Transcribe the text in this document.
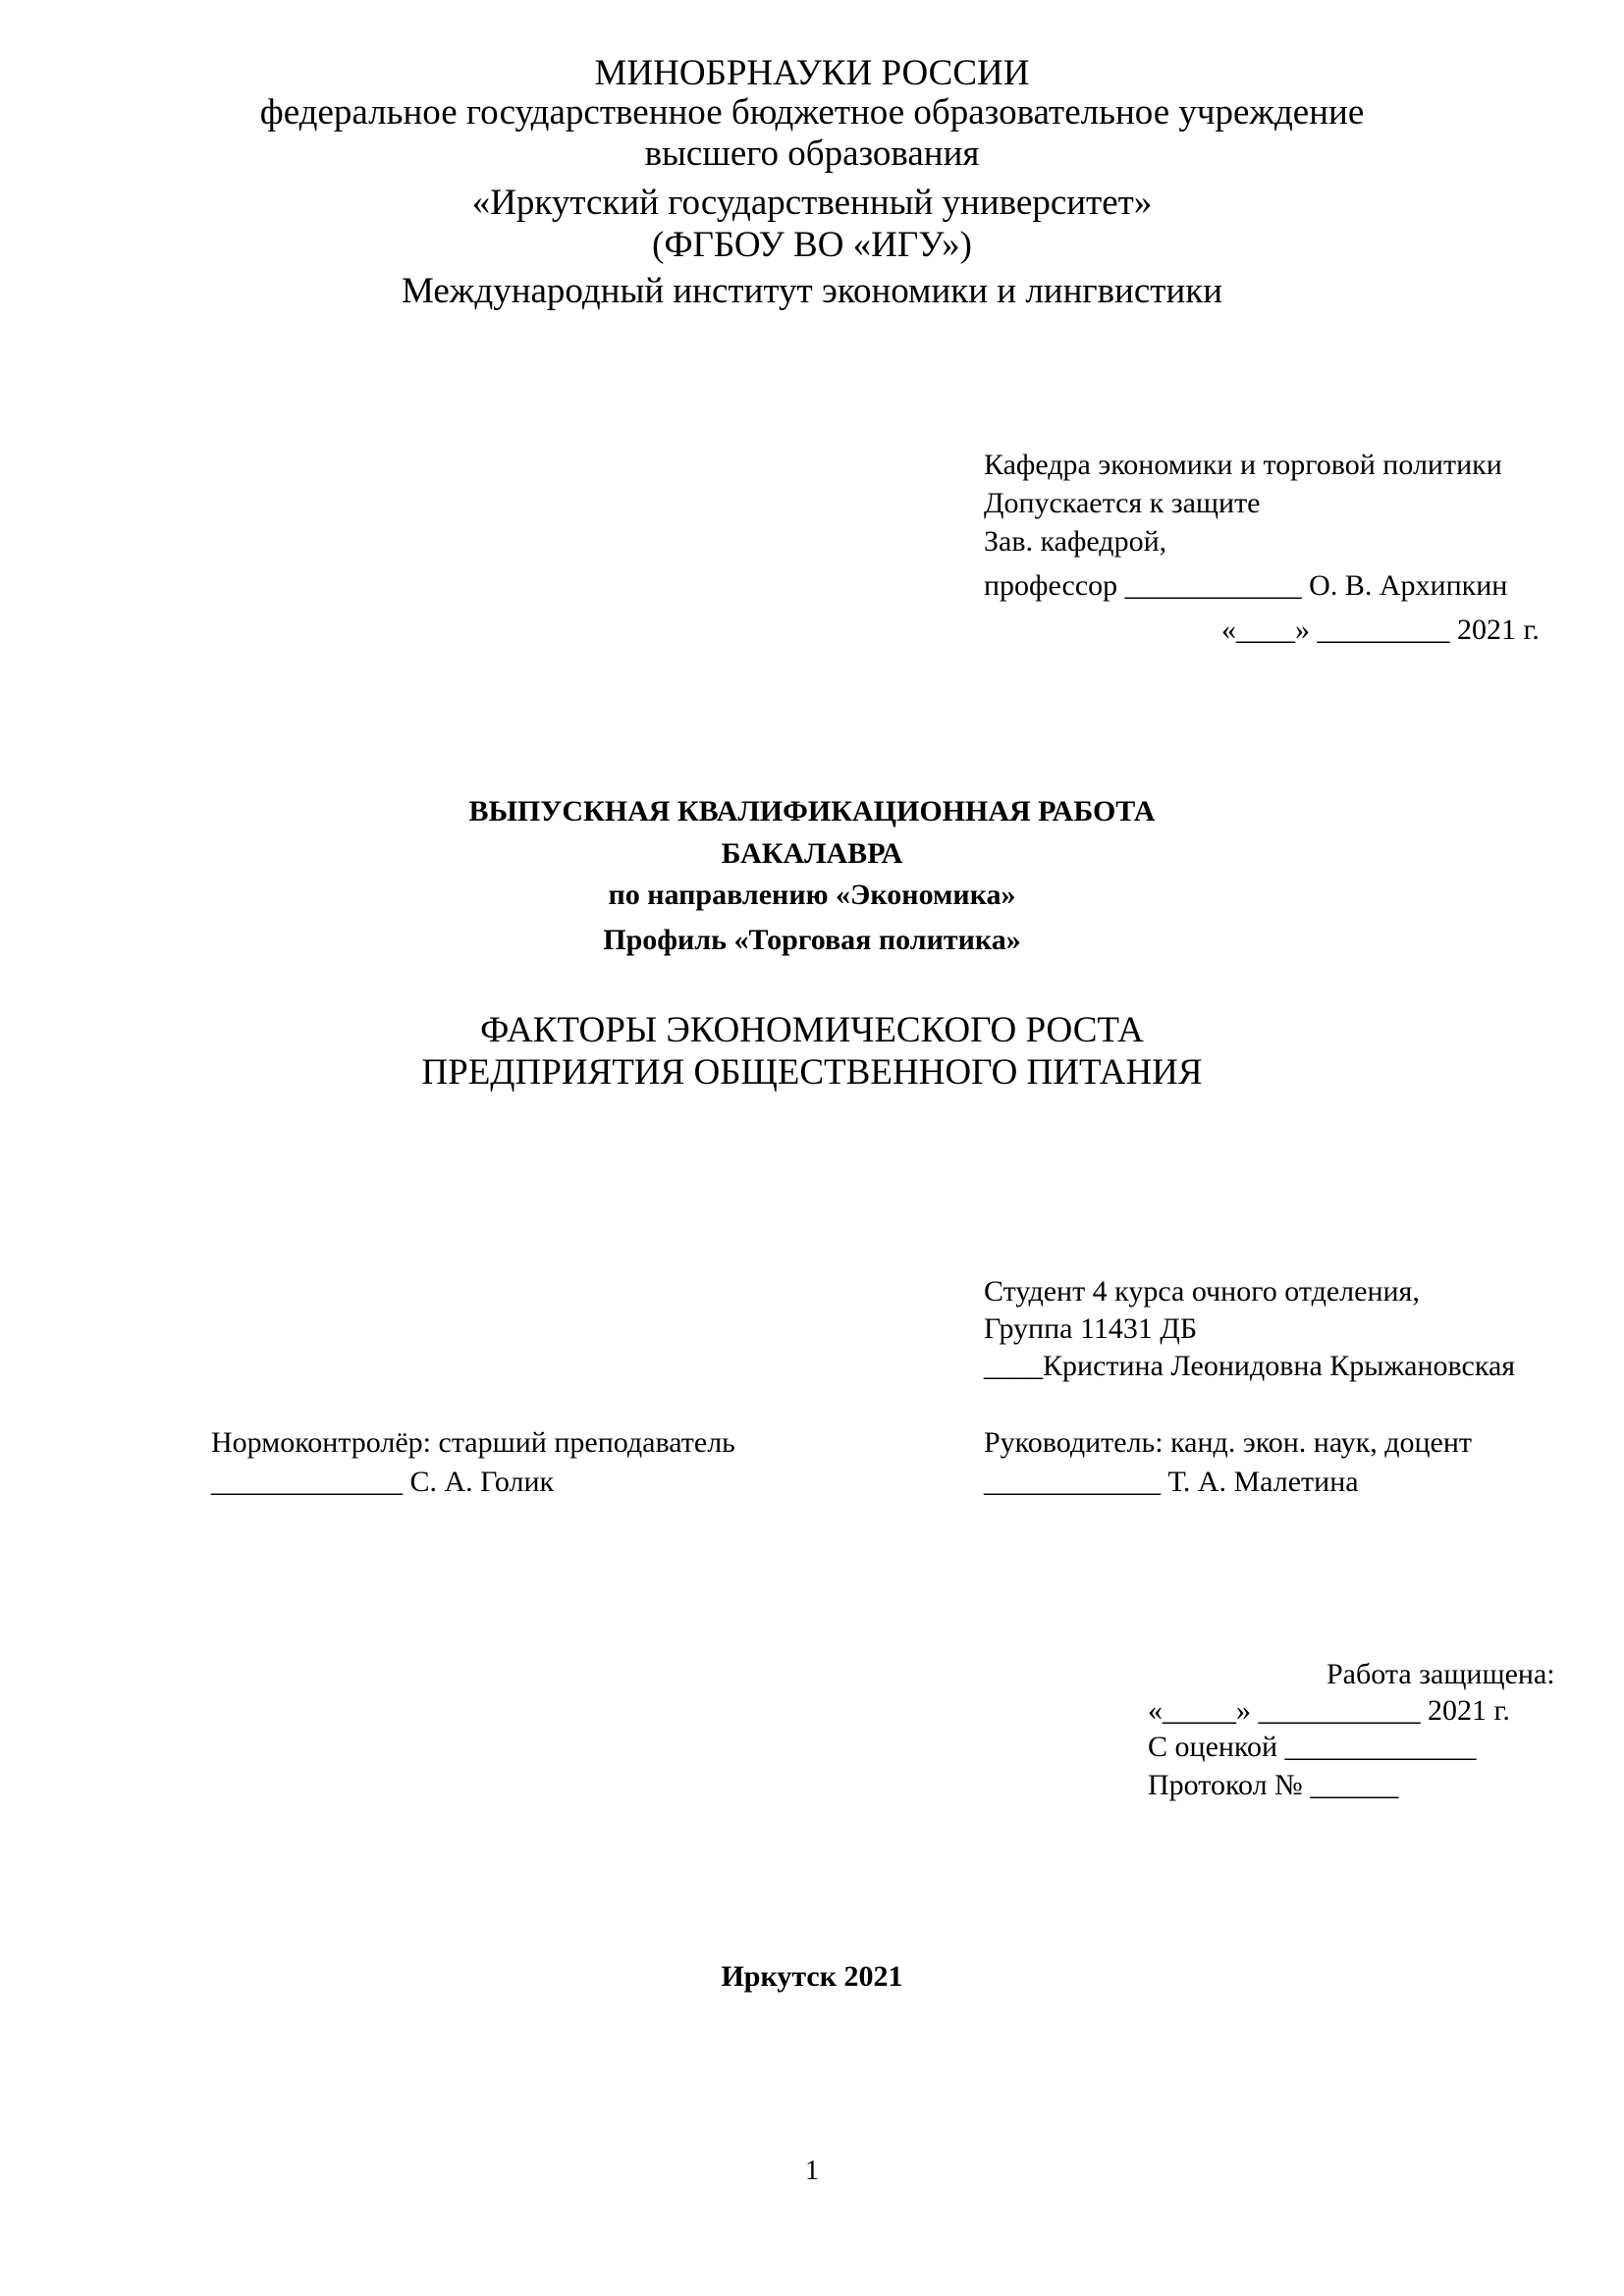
МИНОБРНАУКИ РОССИИ
федеральное государственное бюджетное образовательное учреждение
высшего образования
«Иркутский государственный университет»
(ФГБОУ ВО «ИГУ»)
Международный институт экономики и лингвистики
Кафедра экономики и торговой политики
Допускается к защите
Зав. кафедрой,
профессор ____________ О. В. Архипкин
«____» _________ 2021 г.
ВЫПУСКНАЯ КВАЛИФИКАЦИОННАЯ РАБОТА
БАКАЛАВРА
по направлению «Экономика»
Профиль «Торговая политика»
ФАКТОРЫ ЭКОНОМИЧЕСКОГО РОСТА
ПРЕДПРИЯТИЯ ОБЩЕСТВЕННОГО ПИТАНИЯ
Студент 4 курса очного отделения,
Группа 11431 ДБ
____Кристина Леонидовна Крыжановская
Нормоконтролёр: старший преподаватель
_____________ С. А. Голик
Руководитель: канд. экон. наук, доцент
____________ Т. А. Малетина
Работа защищена:
«_____» ___________ 2021 г.
С оценкой _____________
Протокол № ______
Иркутск 2021
1
